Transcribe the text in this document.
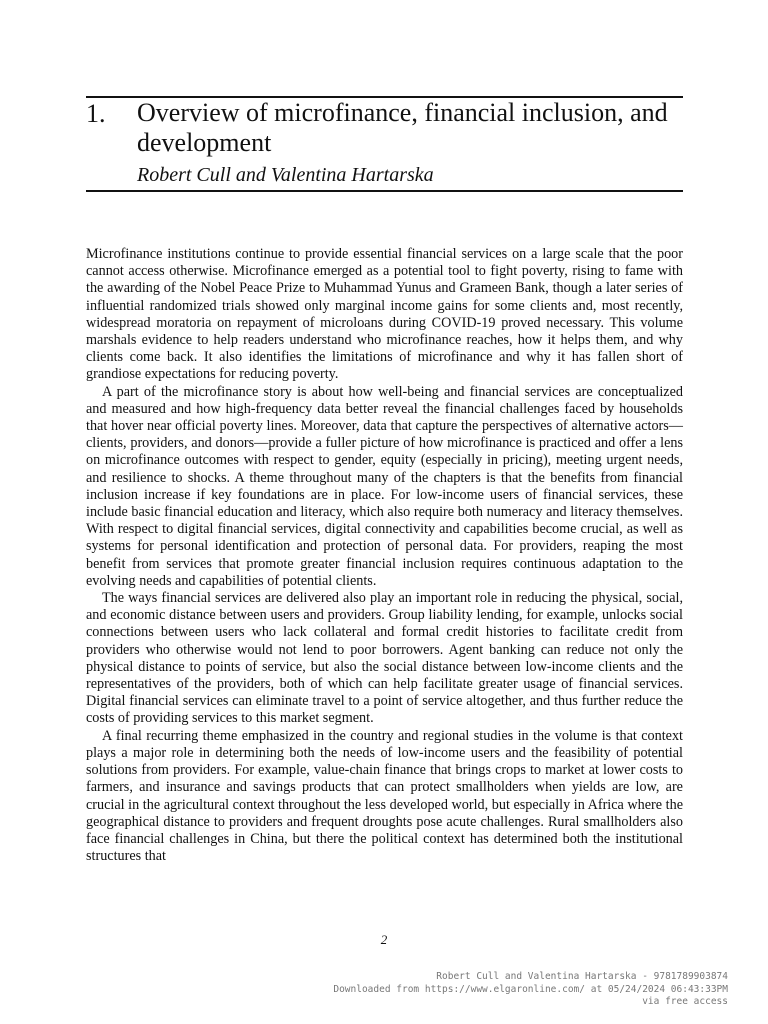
1. Overview of microfinance, financial inclusion, and development
Robert Cull and Valentina Hartarska

Microfinance institutions continue to provide essential financial services on a large scale that the poor cannot access otherwise. Microfinance emerged as a potential tool to fight poverty, rising to fame with the awarding of the Nobel Peace Prize to Muhammad Yunus and Grameen Bank, though a later series of influential randomized trials showed only marginal income gains for some clients and, most recently, widespread moratoria on repayment of microloans during COVID-19 proved necessary. This volume marshals evidence to help readers understand who microfinance reaches, how it helps them, and why clients come back. It also identifies the limitations of microfinance and why it has fallen short of grandiose expectations for reducing poverty.

A part of the microfinance story is about how well-being and financial services are conceptualized and measured and how high-frequency data better reveal the financial challenges faced by households that hover near official poverty lines. Moreover, data that capture the perspectives of alternative actors—clients, providers, and donors—provide a fuller picture of how microfinance is practiced and offer a lens on microfinance outcomes with respect to gender, equity (especially in pricing), meeting urgent needs, and resilience to shocks. A theme throughout many of the chapters is that the benefits from financial inclusion increase if key foundations are in place. For low-income users of financial services, these include basic financial education and literacy, which also require both numeracy and literacy themselves. With respect to digital financial services, digital connectivity and capabilities become crucial, as well as systems for personal identification and protection of personal data. For providers, reaping the most benefit from services that promote greater financial inclusion requires continuous adaptation to the evolving needs and capabilities of potential clients.

The ways financial services are delivered also play an important role in reducing the physical, social, and economic distance between users and providers. Group liability lending, for example, unlocks social connections between users who lack collateral and formal credit histories to facilitate credit from providers who otherwise would not lend to poor borrowers. Agent banking can reduce not only the physical distance to points of service, but also the social distance between low-income clients and the representatives of the providers, both of which can help facilitate greater usage of financial services. Digital financial services can eliminate travel to a point of service altogether, and thus further reduce the costs of providing services to this market segment.

A final recurring theme emphasized in the country and regional studies in the volume is that context plays a major role in determining both the needs of low-income users and the feasibility of potential solutions from providers. For example, value-chain finance that brings crops to market at lower costs to farmers, and insurance and savings products that can protect smallholders when yields are low, are crucial in the agricultural context throughout the less developed world, but especially in Africa where the geographical distance to providers and frequent droughts pose acute challenges. Rural smallholders also face financial challenges in China, but there the political context has determined both the institutional structures that

2
Robert Cull and Valentina Hartarska - 9781789903874
Downloaded from https://www.elgaronline.com/ at 05/24/2024 06:43:33PM
via free access
